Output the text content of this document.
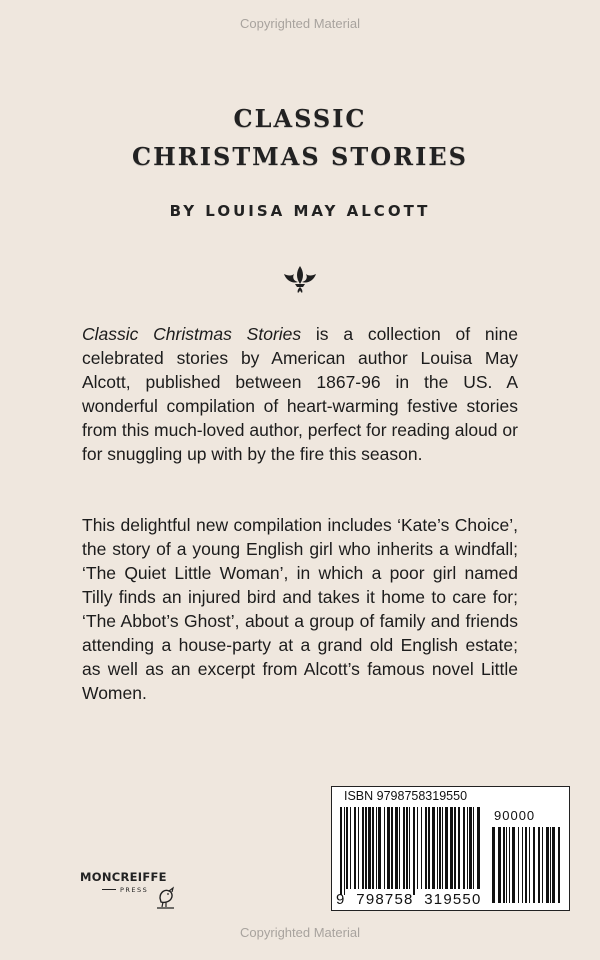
Copyrighted Material
CLASSIC
CHRISTMAS STORIES
BY LOUISA MAY ALCOTT

Classic Christmas Stories is a collection of nine celebrated stories by American author Louisa May Alcott, published between 1867-96 in the US. A wonderful compilation of heart-warming festive stories from this much-loved author, perfect for reading aloud or for snuggling up with by the fire this season.

This delightful new compilation includes ‘Kate’s Choice’, the story of a young English girl who inherits a windfall; ‘The Quiet Little Woman’, in which a poor girl named Tilly finds an injured bird and takes it home to care for; ‘The Abbot’s Ghost’, about a group of family and friends attending a house-party at a grand old English estate; as well as an excerpt from Alcott’s famous novel Little Women.

ISBN 9798758319550
90000
9  798758  319550
MONCREIFFE
PRESS
Copyrighted Material
